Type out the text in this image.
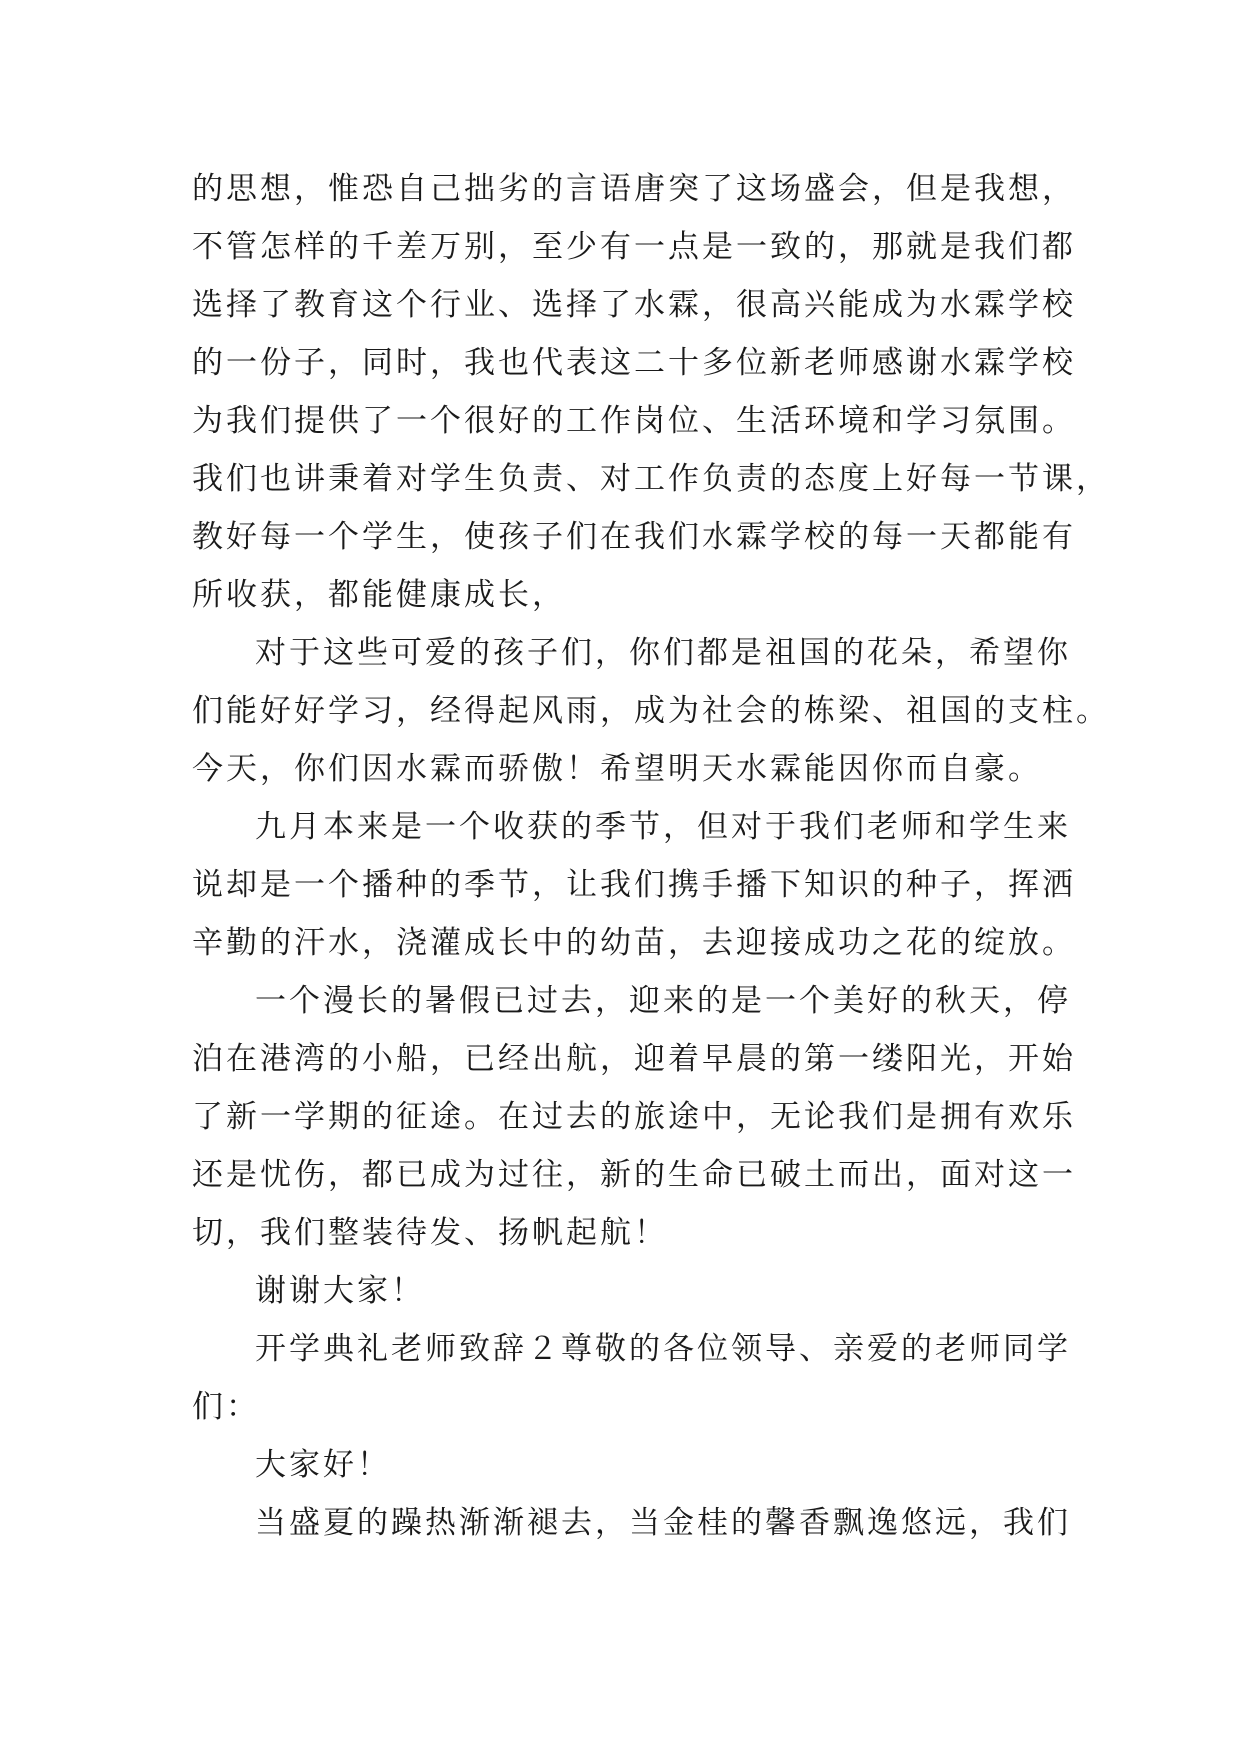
的思想，惟恐自己拙劣的言语唐突了这场盛会，但是我想，
不管怎样的千差万别，至少有一点是一致的，那就是我们都
选择了教育这个行业、选择了水霖，很高兴能成为水霖学校
的一份子，同时，我也代表这二十多位新老师感谢水霖学校
为我们提供了一个很好的工作岗位、生活环境和学习氛围。
我们也讲秉着对学生负责、对工作负责的态度上好每一节课，
教好每一个学生，使孩子们在我们水霖学校的每一天都能有
所收获，都能健康成长，
对于这些可爱的孩子们，你们都是祖国的花朵，希望你
们能好好学习，经得起风雨，成为社会的栋梁、祖国的支柱。
今天，你们因水霖而骄傲！希望明天水霖能因你而自豪。
九月本来是一个收获的季节，但对于我们老师和学生来
说却是一个播种的季节，让我们携手播下知识的种子，挥洒
辛勤的汗水，浇灌成长中的幼苗，去迎接成功之花的绽放。
一个漫长的暑假已过去，迎来的是一个美好的秋天，停
泊在港湾的小船，已经出航，迎着早晨的第一缕阳光，开始
了新一学期的征途。在过去的旅途中，无论我们是拥有欢乐
还是忧伤，都已成为过往，新的生命已破土而出，面对这一
切，我们整装待发、扬帆起航！
谢谢大家！
开学典礼老师致辞２尊敬的各位领导、亲爱的老师同学
们：
大家好！
当盛夏的躁热渐渐褪去，当金桂的馨香飘逸悠远，我们
